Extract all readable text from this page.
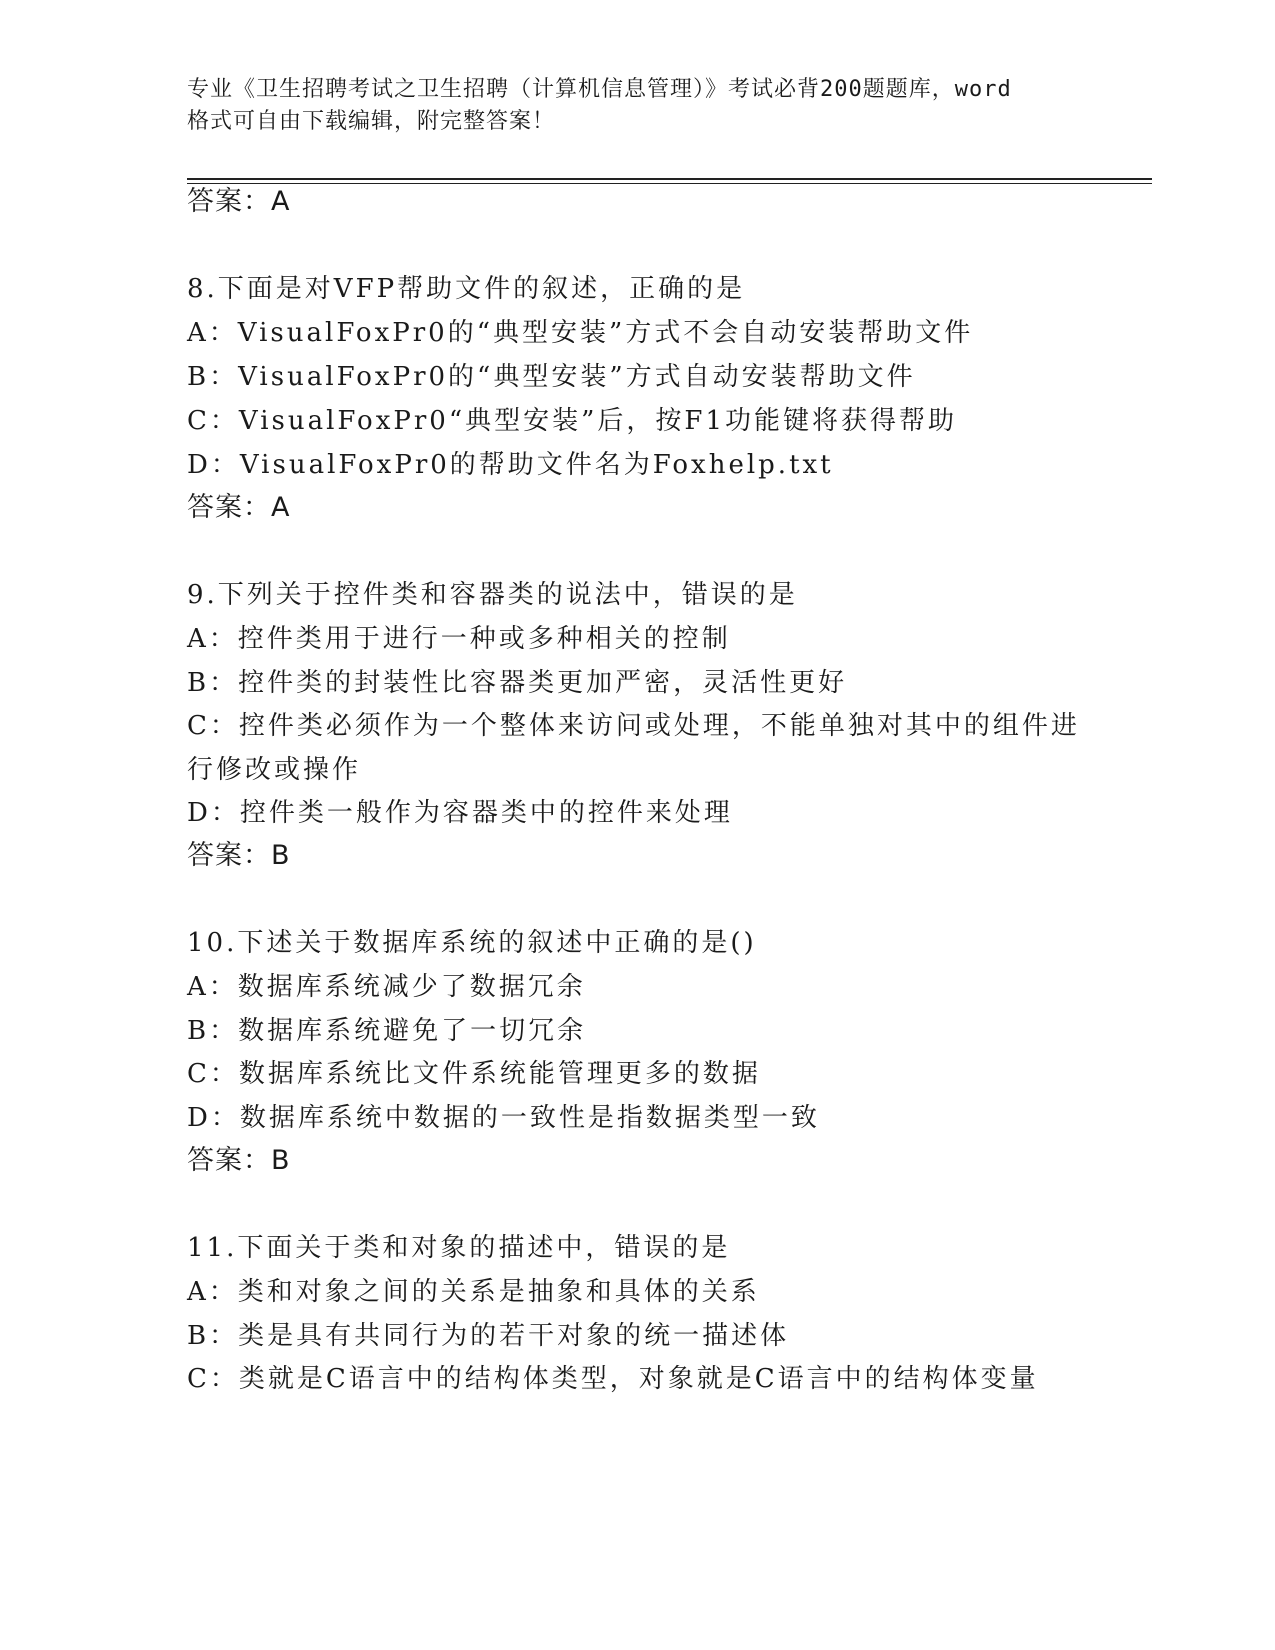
专业《卫生招聘考试之卫生招聘（计算机信息管理）》考试必背200题题库，word
格式可自由下载编辑，附完整答案！
答案：A
8.下面是对VFP帮助文件的叙述，正确的是
A：VisualFoxPr0的“典型安装”方式不会自动安装帮助文件
B：VisualFoxPr0的“典型安装”方式自动安装帮助文件
C：VisualFoxPr0“典型安装”后，按F1功能键将获得帮助
D：VisualFoxPr0的帮助文件名为Foxhelp.txt
答案：A
9.下列关于控件类和容器类的说法中，错误的是
A：控件类用于进行一种或多种相关的控制
B：控件类的封装性比容器类更加严密，灵活性更好
C：控件类必须作为一个整体来访问或处理，不能单独对其中的组件进
行修改或操作
D：控件类一般作为容器类中的控件来处理
答案：B
10.下述关于数据库系统的叙述中正确的是()
A：数据库系统减少了数据冗余
B：数据库系统避免了一切冗余
C：数据库系统比文件系统能管理更多的数据
D：数据库系统中数据的一致性是指数据类型一致
答案：B
11.下面关于类和对象的描述中，错误的是
A：类和对象之间的关系是抽象和具体的关系
B：类是具有共同行为的若干对象的统一描述体
C：类就是C语言中的结构体类型，对象就是C语言中的结构体变量
